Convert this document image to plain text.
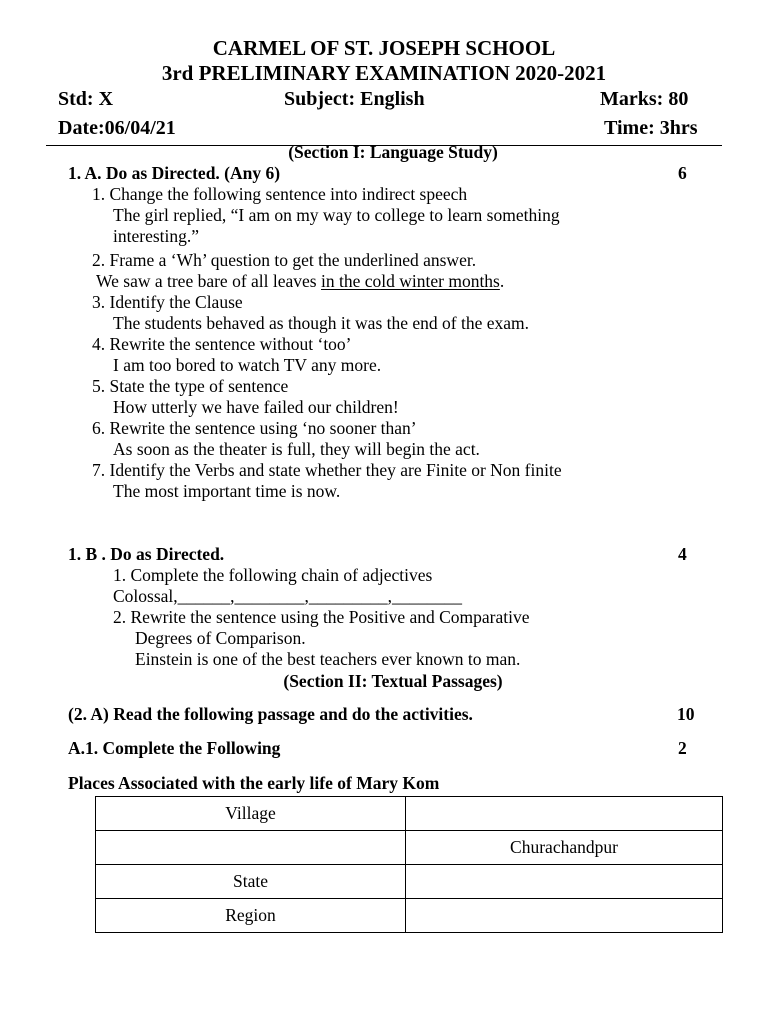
CARMEL OF ST. JOSEPH SCHOOL
3rd PRELIMINARY EXAMINATION 2020-2021
Std: X	Subject: English	Marks: 80
Date:06/04/21	Time: 3hrs
(Section I: Language Study)
1. A. Do as Directed. (Any 6)	6
1. Change the following sentence into indirect speech
The girl replied, “I am on my way to college to learn something
interesting.”
2. Frame a ‘Wh’ question to get the underlined answer.
We saw a tree bare of all leaves in the cold winter months.
3. Identify the Clause
The students behaved as though it was the end of the exam.
4. Rewrite the sentence without ‘too’
I am too bored to watch TV any more.
5. State the type of sentence
How utterly we have failed our children!
6. Rewrite the sentence using ‘no sooner than’
As soon as the theater is full, they will begin the act.
7. Identify the Verbs and state whether they are Finite or Non finite
The most important time is now.
1. B . Do as Directed.	4
1. Complete the following chain of adjectives
Colossal,______,________,_________,________
2. Rewrite the sentence using the Positive and Comparative
Degrees of Comparison.
Einstein is one of the best teachers ever known to man.
(Section II: Textual Passages)
(2. A) Read the following passage and do the activities.	10
A.1. Complete the Following	2
Places Associated with the early life of Mary Kom
Village	
	Churachandpur
State	
Region	
